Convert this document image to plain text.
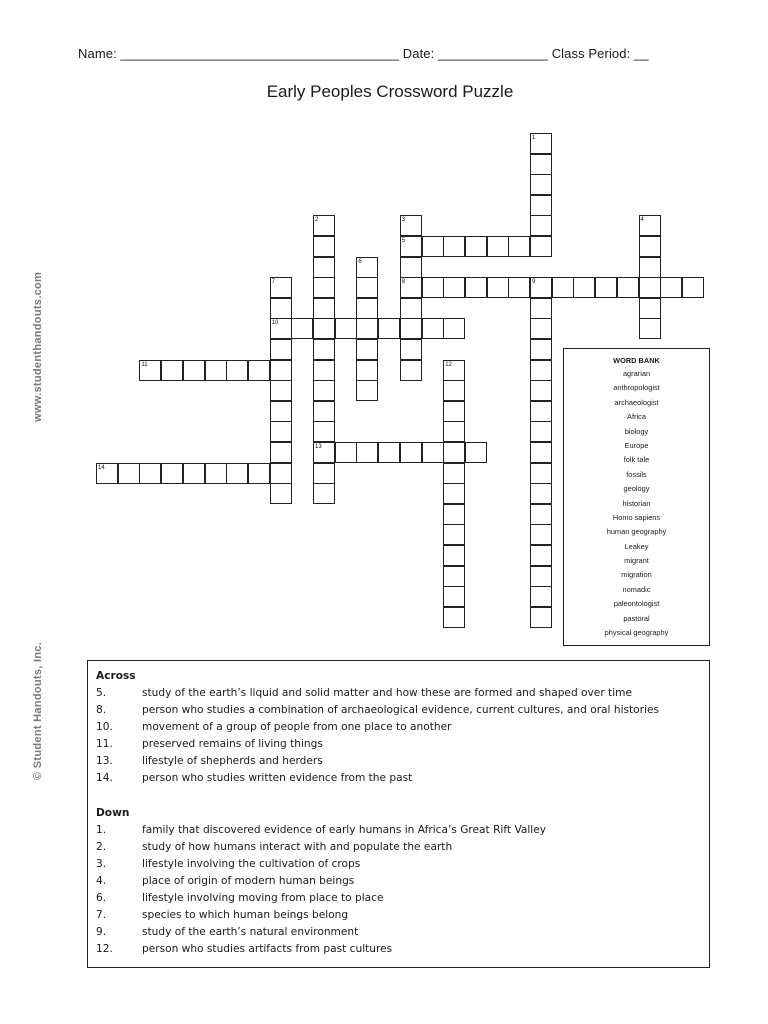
Name: ______________________________________ Date: _______________ Class Period: __
Early Peoples Crossword Puzzle
www.studenthandouts.com
© Student Handouts, Inc.
1
2	3	4
5
6
7	8	9
10
11	12
13
14
WORD BANK
agrarian
anthropologist
archaeologist
Africa
biology
Europe
folk tale
fossils
geology
historian
Homo sapiens
human geography
Leakey
migrant
migration
nomadic
paleontologist
pastoral
physical geography
Across
5.	study of the earth’s liquid and solid matter and how these are formed and shaped over time
8.	person who studies a combination of archaeological evidence, current cultures, and oral histories
10.	movement of a group of people from one place to another
11.	preserved remains of living things
13.	lifestyle of shepherds and herders
14.	person who studies written evidence from the past
Down
1.	family that discovered evidence of early humans in Africa’s Great Rift Valley
2.	study of how humans interact with and populate the earth
3.	lifestyle involving the cultivation of crops
4.	place of origin of modern human beings
6.	lifestyle involving moving from place to place
7.	species to which human beings belong
9.	study of the earth’s natural environment
12.	person who studies artifacts from past cultures
